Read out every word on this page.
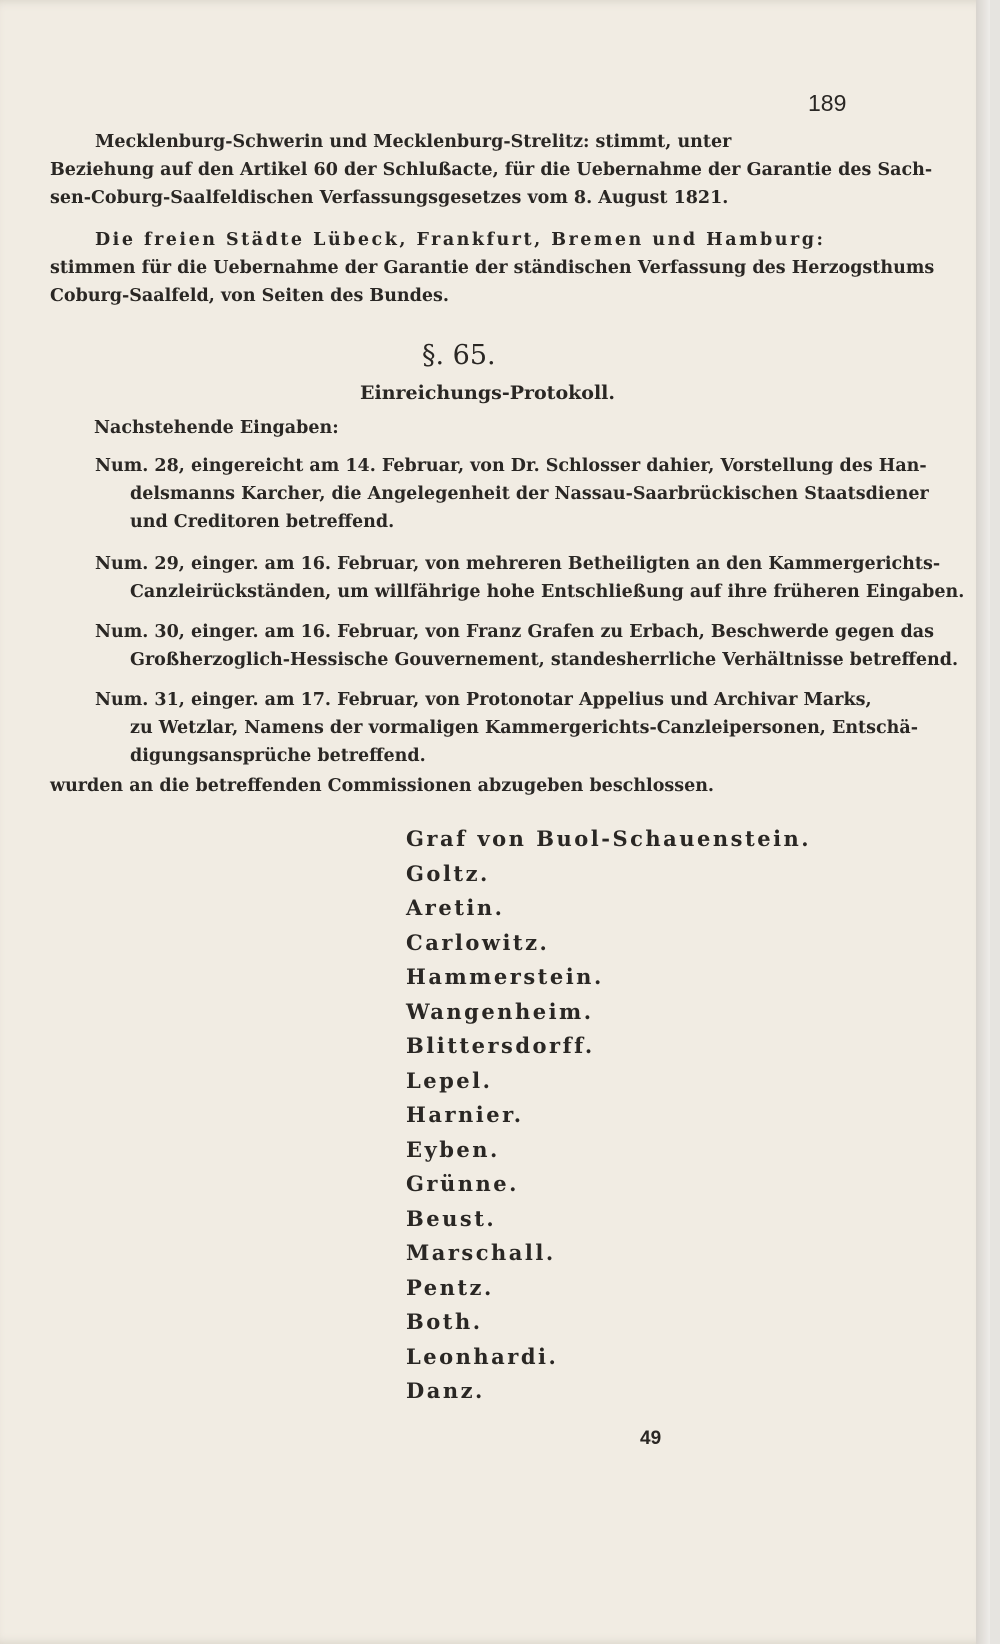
189
Mecklenburg-Schwerin und Mecklenburg-Strelitz: stimmt, unter
Beziehung auf den Artikel 60 der Schlußacte, für die Uebernahme der Garantie des Sach-
sen-Coburg-Saalfeldischen Verfassungsgesetzes vom 8. August 1821.
Die freien Städte Lübeck, Frankfurt, Bremen und Hamburg:
stimmen für die Uebernahme der Garantie der ständischen Verfassung des Herzogsthums
Coburg-Saalfeld, von Seiten des Bundes.
§. 65.
Einreichungs-Protokoll.
Nachstehende Eingaben:
Num. 28, eingereicht am 14. Februar, von Dr. Schlosser dahier, Vorstellung des Han-
delsmanns Karcher, die Angelegenheit der Nassau-Saarbrückischen Staatsdiener
und Creditoren betreffend.
Num. 29, einger. am 16. Februar, von mehreren Betheiligten an den Kammergerichts-
Canzleirückständen, um willfährige hohe Entschließung auf ihre früheren Eingaben.
Num. 30, einger. am 16. Februar, von Franz Grafen zu Erbach, Beschwerde gegen das
Großherzoglich-Hessische Gouvernement, standesherrliche Verhältnisse betreffend.
Num. 31, einger. am 17. Februar, von Protonotar Appelius und Archivar Marks,
zu Wetzlar, Namens der vormaligen Kammergerichts-Canzleipersonen, Entschä-
digungsansprüche betreffend.
wurden an die betreffenden Commissionen abzugeben beschlossen.
Graf von Buol-Schauenstein.
Goltz.
Aretin.
Carlowitz.
Hammerstein.
Wangenheim.
Blittersdorff.
Lepel.
Harnier.
Eyben.
Grünne.
Beust.
Marschall.
Pentz.
Both.
Leonhardi.
Danz.
49
